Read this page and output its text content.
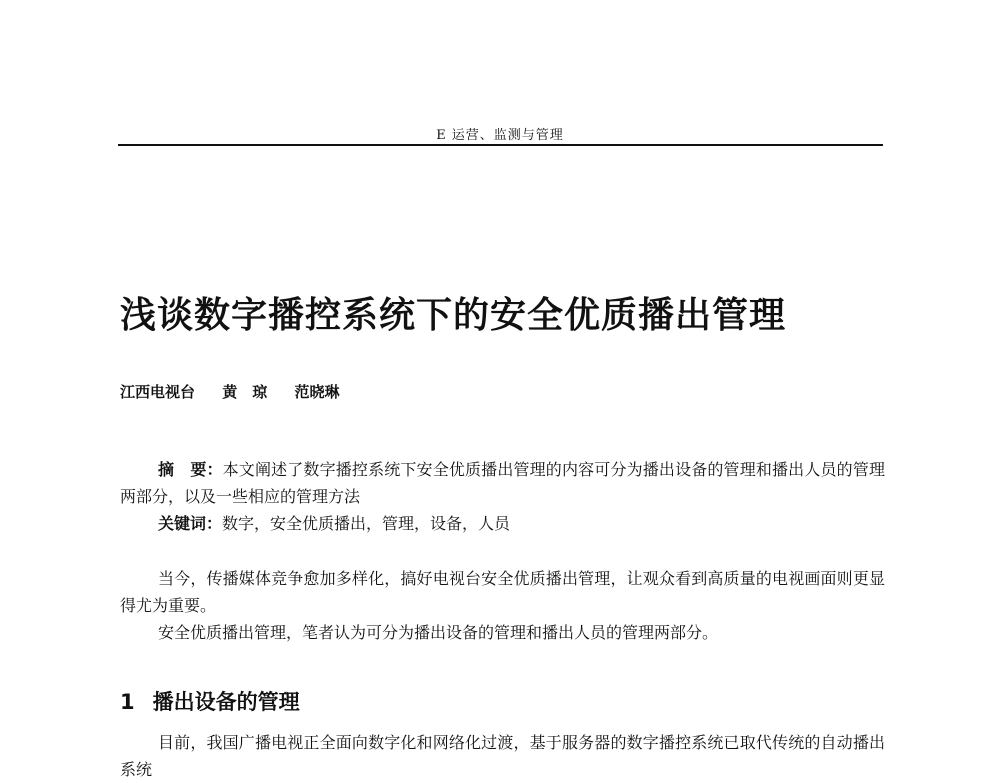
E 运营、监测与管理
浅谈数字播控系统下的安全优质播出管理
江西电视台 黄　琼 范晓琳

摘　要：本文阐述了数字播控系统下安全优质播出管理的内容可分为播出设备的管理和播出人员的管理两部分，以及一些相应的管理方法

关键词：数字，安全优质播出，管理，设备，人员

当今，传播媒体竞争愈加多样化，搞好电视台安全优质播出管理，让观众看到高质量的电视画面则更显得尤为重要。

安全优质播出管理，笔者认为可分为播出设备的管理和播出人员的管理两部分。

1 播出设备的管理

目前，我国广播电视正全面向数字化和网络化过渡，基于服务器的数字播控系统已取代传统的自动播出系统
